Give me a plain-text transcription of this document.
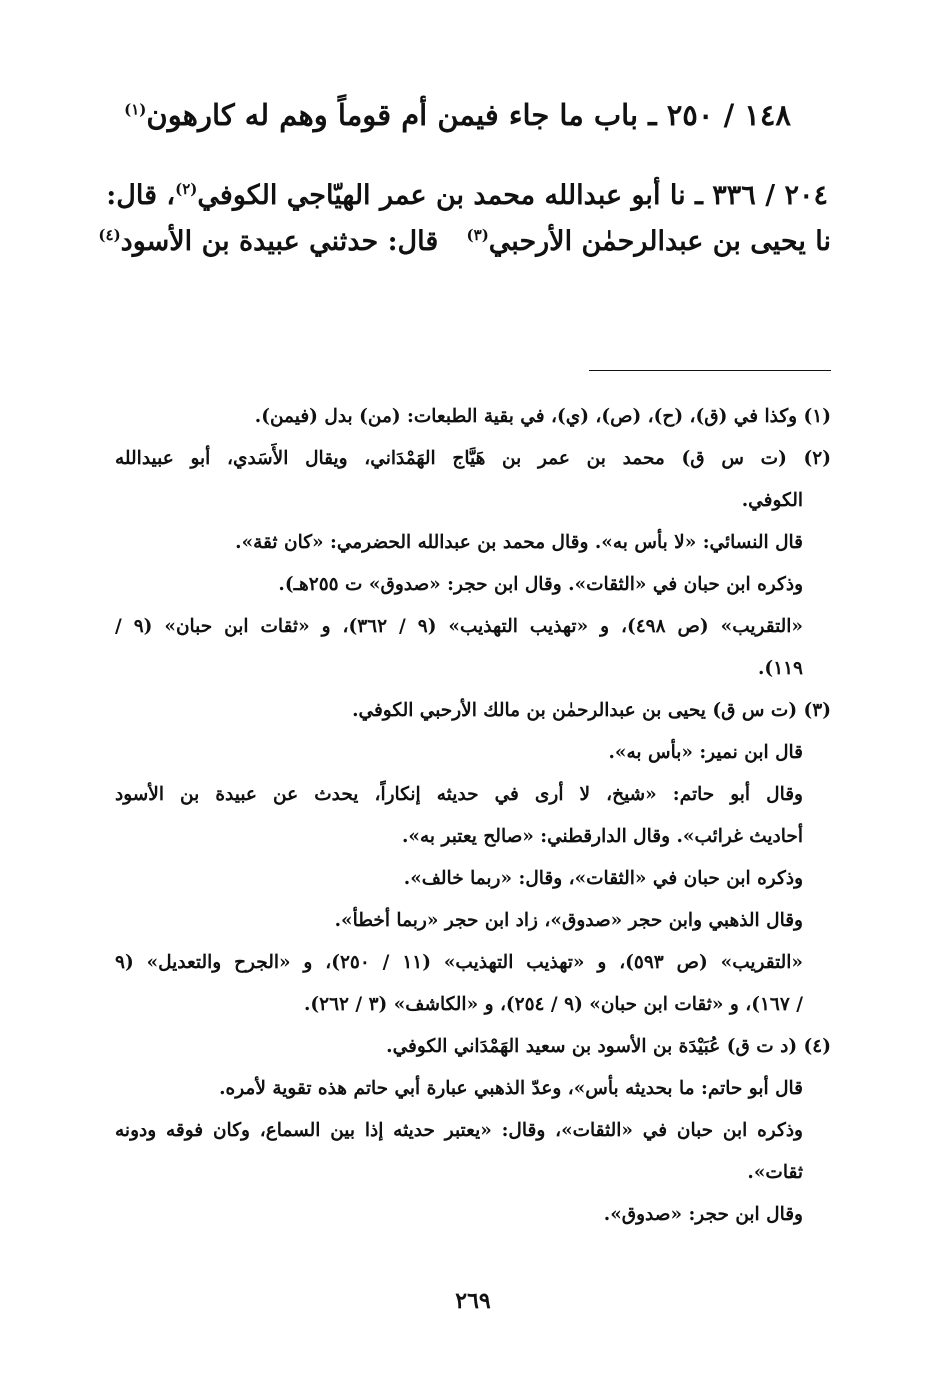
١٤٨ / ٢٥٠ ـ باب ما جاء فيمن أم قوماً وهم له كارهون$^{(١)}$
٢٠٤ / ٣٣٦ ـ نا أبو عبدالله محمد بن عمر الهيّاجي الكوفي$^{(٢)}$، قال:
نا يحيى بن عبدالرحمٰن الأرحبي$^{(٣)}$   قال: حدثني عبيدة بن الأسود$^{(٤)}$
(١) وكذا في (ق)، (ح)، (ص)، (ي)، في بقية الطبعات: (من) بدل (فيمن).
(٢) (ت س ق) محمد بن عمر بن هَيَّاج الهَمْدَاني، ويقال الأَسَدي، أبو عبيدالله
الكوفي.
قال النسائي: «لا بأس به». وقال محمد بن عبدالله الحضرمي: «كان ثقة».
وذكره ابن حبان في «الثقات». وقال ابن حجر: «صدوق» ت ٢٥٥هـ).
«التقريب» (ص ٤٩٨)، و «تهذيب التهذيب» (٩ / ٣٦٢)، و «ثقات ابن حبان» (٩ /
١١٩).
(٣) (ت س ق) يحيى بن عبدالرحمٰن بن مالك الأرحبي الكوفي.
قال ابن نمير: «بأس به».
وقال أبو حاتم: «شيخ، لا أرى في حديثه إنكاراً، يحدث عن عبيدة بن الأسود
أحاديث غرائب». وقال الدارقطني: «صالح يعتبر به».
وذكره ابن حبان في «الثقات»، وقال: «ربما خالف».
وقال الذهبي وابن حجر «صدوق»، زاد ابن حجر «ربما أخطأ».
«التقريب» (ص ٥٩٣)، و «تهذيب التهذيب» (١١ / ٢٥٠)، و «الجرح والتعديل» (٩
/ ١٦٧)، و «ثقات ابن حبان» (٩ / ٢٥٤)، و «الكاشف» (٣ / ٢٦٢).
(٤) (د ت ق) عُبَيْدَة بن الأسود بن سعيد الهَمْدَاني الكوفي.
قال أبو حاتم: ما بحديثه بأس»، وعدّ الذهبي عبارة أبي حاتم هذه تقوية لأمره.
وذكره ابن حبان في «الثقات»، وقال: «يعتبر حديثه إذا بين السماع، وكان فوقه ودونه
ثقات».
وقال ابن حجر: «صدوق».
٢٦٩
